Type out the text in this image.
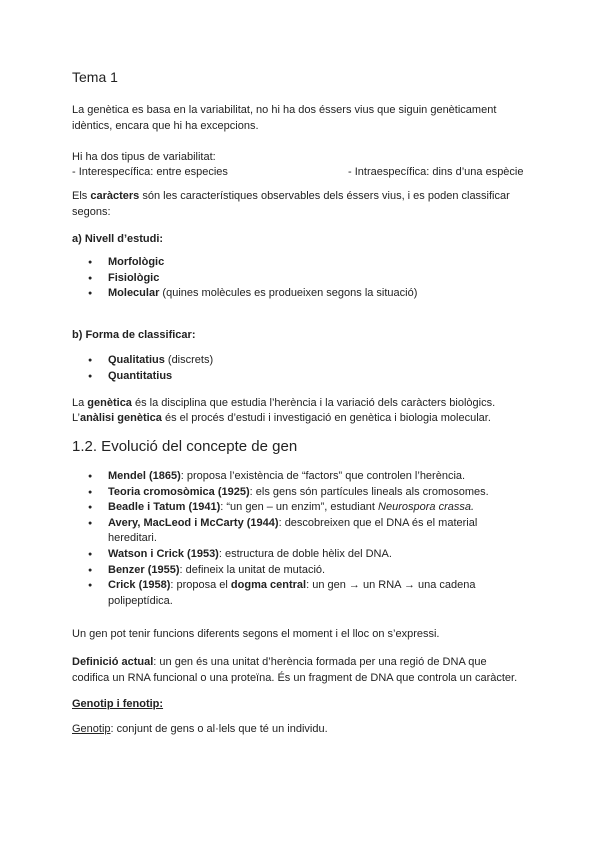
Tema 1

La genètica es basa en la variabilitat, no hi ha dos éssers vius que siguin genèticament idèntics, encara que hi ha excepcions.

Hi ha dos tipus de variabilitat:

- Interespecífica: entre especies	- Intraespecífica: dins d’una espècie

Els caràcters són les característiques observables dels éssers vius, i es poden classificar segons:

a) Nivell d’estudi:

● Morfològic
● Fisiològic
● Molecular (quines molècules es produeixen segons la situació)

b) Forma de classificar:

● Qualitatius (discrets)
● Quantitatius

La genètica és la disciplina que estudia l’herència i la variació dels caràcters biològics.

L’anàlisi genètica és el procés d’estudi i investigació en genètica i biologia molecular.

1.2. Evolució del concepte de gen
● Mendel (1865): proposa l’existència de “factors” que controlen l’herència.
● Teoria cromosòmica (1925): els gens són partícules lineals als cromosomes.
● Beadle i Tatum (1941): “un gen – un enzim”, estudiant Neurospora crassa.
● Avery, MacLeod i McCarty (1944): descobreixen que el DNA és el material hereditari.
● Watson i Crick (1953): estructura de doble hèlix del DNA.
● Benzer (1955): defineix la unitat de mutació.
● Crick (1958): proposa el dogma central: un gen → un RNA → una cadena polipeptídica.

Un gen pot tenir funcions diferents segons el moment i el lloc on s’expressi.

Definició actual: un gen és una unitat d’herència formada per una regió de DNA que codifica un RNA funcional o una proteïna. És un fragment de DNA que controla un caràcter.

Genotip i fenotip:

Genotip: conjunt de gens o al·lels que té un individu.
